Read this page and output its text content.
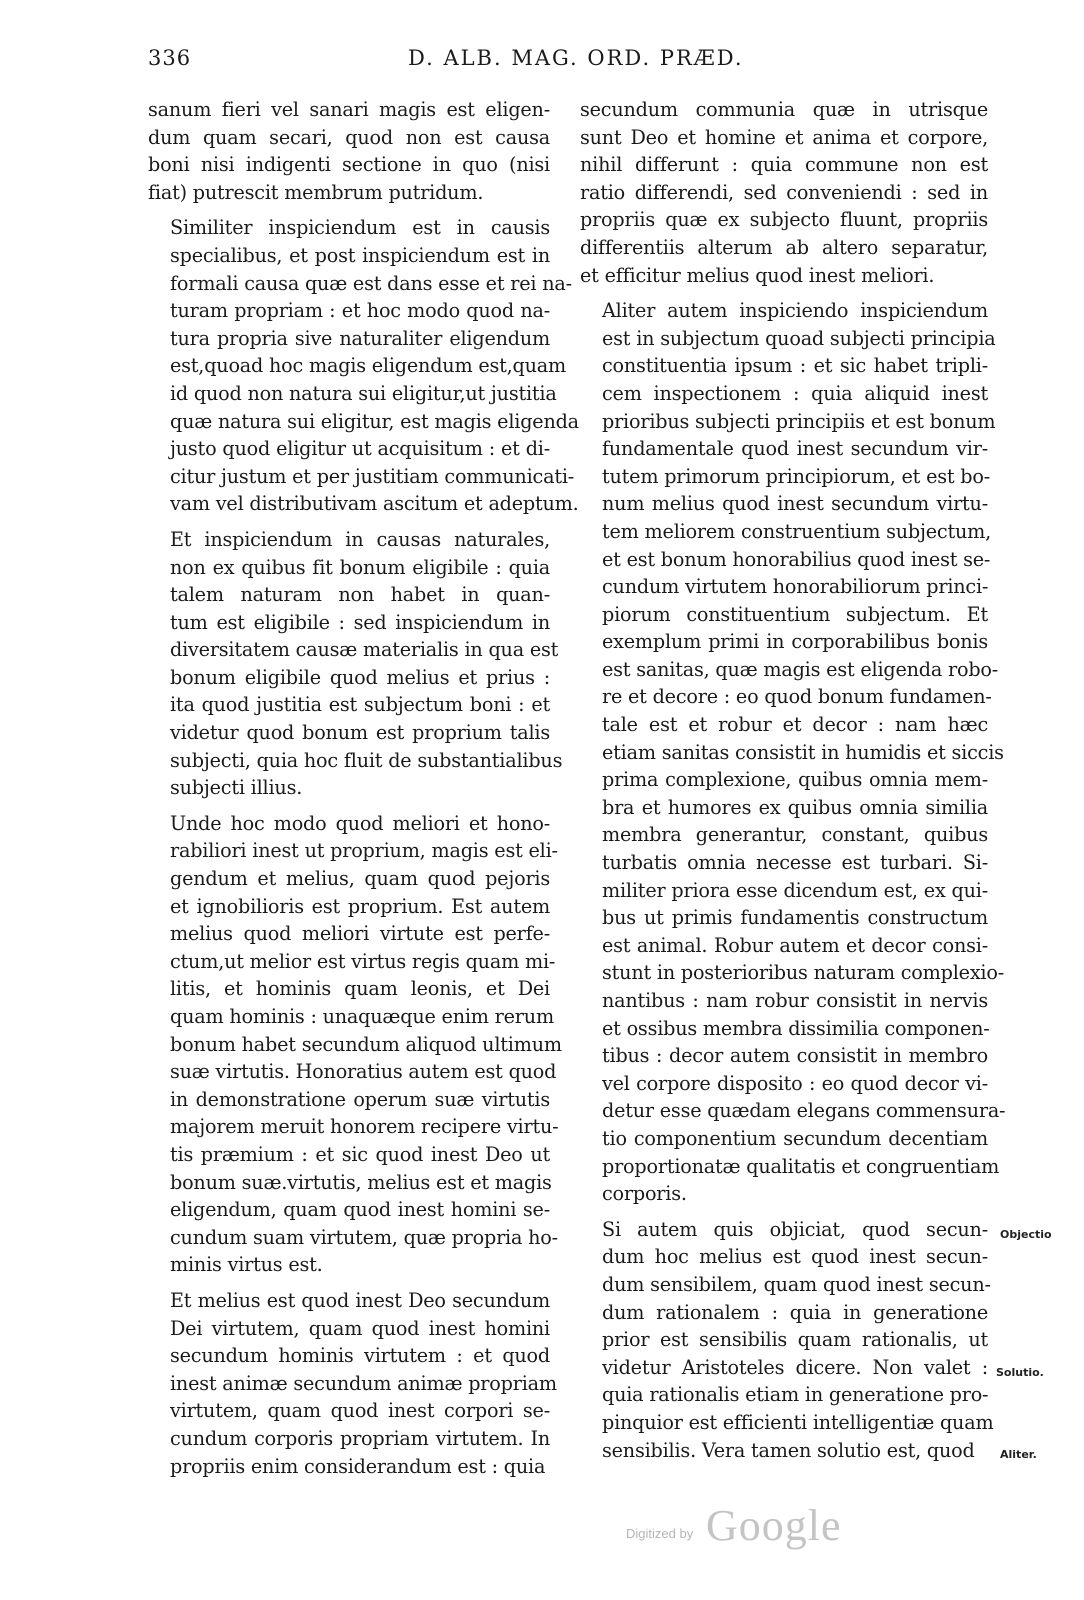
336	D. ALB. MAG. ORD. PRÆD.

sanum fieri vel sanari magis est eligen-
dum quam secari, quod non est causa
boni nisi indigenti sectione in quo (nisi
fiat) putrescit membrum putridum.

Similiter inspiciendum est in causis
specialibus, et post inspiciendum est in
formali causa quæ est dans esse et rei na-
turam propriam : et hoc modo quod na-
tura propria sive naturaliter eligendum
est,quoad hoc magis eligendum est,quam
id quod non natura sui eligitur,ut justitia
quæ natura sui eligitur, est magis eligenda
justo quod eligitur ut acquisitum : et di-
citur justum et per justitiam communicati-
vam vel distributivam ascitum et adeptum.

Et inspiciendum in causas naturales,
non ex quibus fit bonum eligibile : quia
talem naturam non habet in quan-
tum est eligibile : sed inspiciendum in
diversitatem causæ materialis in qua est
bonum eligibile quod melius et prius :
ita quod justitia est subjectum boni : et
videtur quod bonum est proprium talis
subjecti, quia hoc fluit de substantialibus
subjecti illius.

Unde hoc modo quod meliori et hono-
rabiliori inest ut proprium, magis est eli-
gendum et melius, quam quod pejoris
et ignobilioris est proprium. Est autem
melius quod meliori virtute est perfe-
ctum,ut melior est virtus regis quam mi-
litis, et hominis quam leonis, et Dei
quam hominis : unaquæque enim rerum
bonum habet secundum aliquod ultimum
suæ virtutis. Honoratius autem est quod
in demonstratione operum suæ virtutis
majorem meruit honorem recipere virtu-
tis præmium : et sic quod inest Deo ut
bonum suæ.virtutis, melius est et magis
eligendum, quam quod inest homini se-
cundum suam virtutem, quæ propria ho-
minis virtus est.

Et melius est quod inest Deo secundum
Dei virtutem, quam quod inest homini
secundum hominis virtutem : et quod
inest animæ secundum animæ propriam
virtutem, quam quod inest corpori se-
cundum corporis propriam virtutem. In
propriis enim considerandum est : quia

secundum communia quæ in utrisque
sunt Deo et homine et anima et corpore,
nihil differunt : quia commune non est
ratio differendi, sed conveniendi : sed in
propriis quæ ex subjecto fluunt, propriis
differentiis alterum ab altero separatur,
et efficitur melius quod inest meliori.

Aliter autem inspiciendo inspiciendum
est in subjectum quoad subjecti principia
constituentia ipsum : et sic habet tripli-
cem inspectionem : quia aliquid inest
prioribus subjecti principiis et est bonum
fundamentale quod inest secundum vir-
tutem primorum principiorum, et est bo-
num melius quod inest secundum virtu-
tem meliorem construentium subjectum,
et est bonum honorabilius quod inest se-
cundum virtutem honorabiliorum princi-
piorum constituentium subjectum. Et
exemplum primi in corporabilibus bonis
est sanitas, quæ magis est eligenda robo-
re et decore : eo quod bonum fundamen-
tale est et robur et decor : nam hæc
etiam sanitas consistit in humidis et siccis
prima complexione, quibus omnia mem-
bra et humores ex quibus omnia similia
membra generantur, constant, quibus
turbatis omnia necesse est turbari. Si-
militer priora esse dicendum est, ex qui-
bus ut primis fundamentis constructum
est animal. Robur autem et decor consi-
stunt in posterioribus naturam complexio-
nantibus : nam robur consistit in nervis
et ossibus membra dissimilia componen-
tibus : decor autem consistit in membro
vel corpore disposito : eo quod decor vi-
detur esse quædam elegans commensura-
tio componentium secundum decentiam
proportionatæ qualitatis et congruentiam
corporis.

Si autem quis objiciat, quod secun-
dum hoc melius est quod inest secun-
dum sensibilem, quam quod inest secun-
dum rationalem : quia in generatione
prior est sensibilis quam rationalis, ut
videtur Aristoteles dicere. Non valet :
quia rationalis etiam in generatione pro-
pinquior est efficienti intelligentiæ quam
sensibilis. Vera tamen solutio est, quod

Objectio
Solutio.
Aliter.
Digitized by Google
